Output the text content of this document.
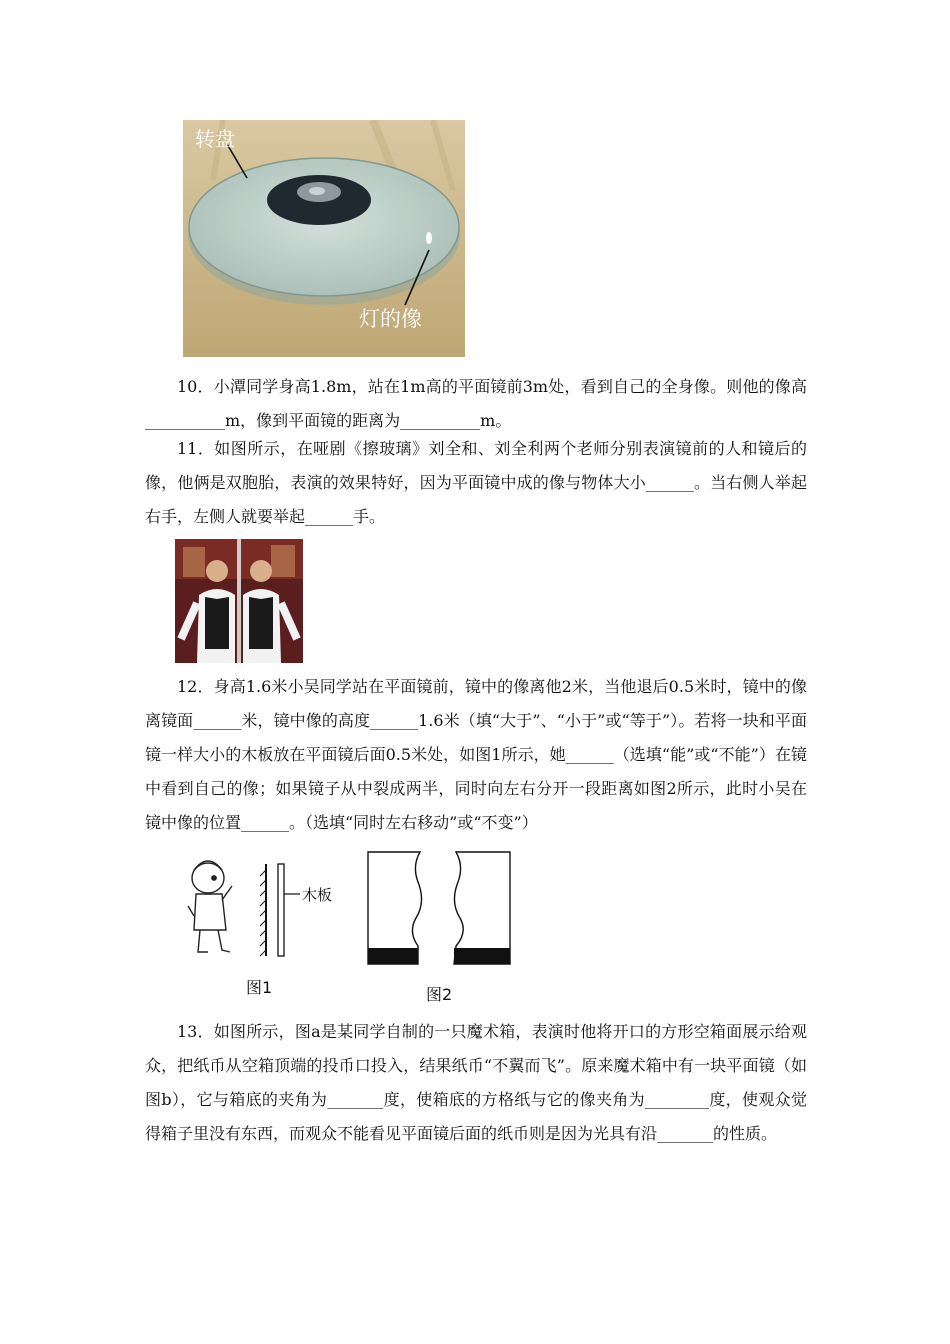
转盘
灯的像

10．小潭同学身高1.8m，站在1m高的平面镜前3m处，看到自己的全身像。则他的像高__________m，像到平面镜的距离为__________m。

11．如图所示，在哑剧《擦玻璃》刘全和、刘全利两个老师分别表演镜前的人和镜后的像，他俩是双胞胎，表演的效果特好，因为平面镜中成的像与物体大小______。当右侧人举起右手，左侧人就要举起______手。

12．身高1.6米小吴同学站在平面镜前，镜中的像离他2米，当他退后0.5米时，镜中的像离镜面______米，镜中像的高度______1.6米（填“大于”、“小于”或“等于”）。若将一块和平面镜一样大小的木板放在平面镜后面0.5米处，如图1所示，她______（选填“能”或“不能”）在镜中看到自己的像；如果镜子从中裂成两半，同时向左右分开一段距离如图2所示，此时小吴在镜中像的位置______。（选填“同时左右移动”或“不变”）

木板
图1	图2

13．如图所示，图a是某同学自制的一只魔术箱，表演时他将开口的方形空箱面展示给观众，把纸币从空箱顶端的投币口投入，结果纸币“不翼而飞”。原来魔术箱中有一块平面镜（如图b），它与箱底的夹角为_______度，使箱底的方格纸与它的像夹角为________度，使观众觉得箱子里没有东西，而观众不能看见平面镜后面的纸币则是因为光具有沿_______的性质。
